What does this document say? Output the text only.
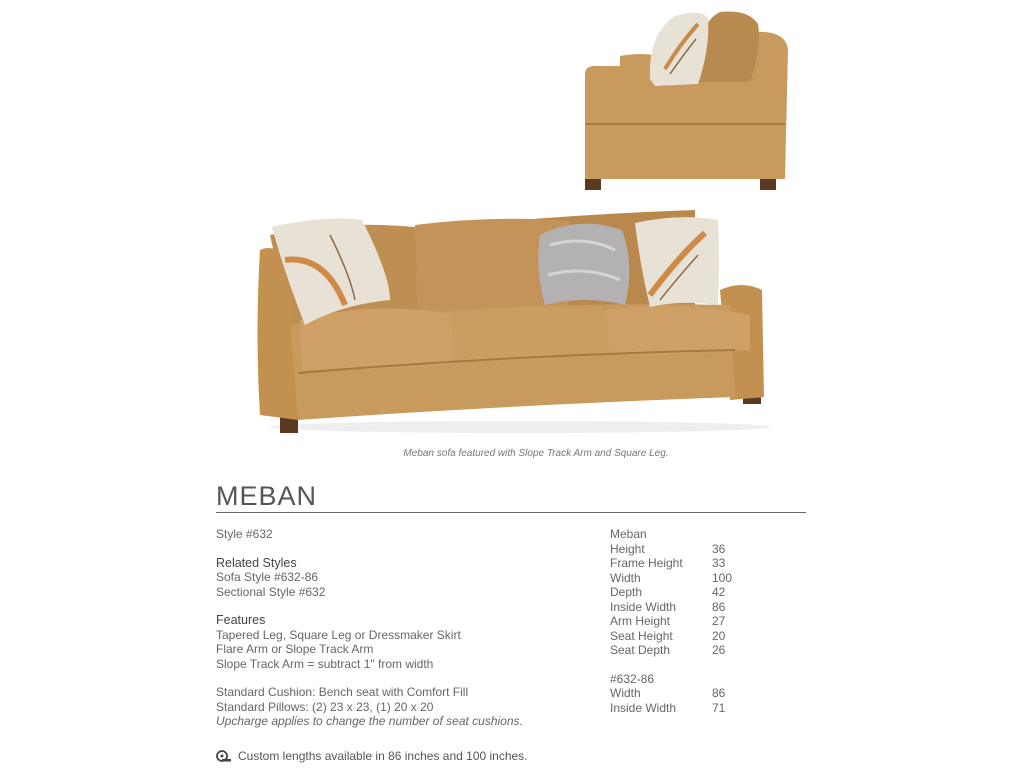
Meban sofa featured with Slope Track Arm and Square Leg.
MEBAN
Style #632
Related Styles
Sofa Style #632-86
Sectional Style #632
Features
Tapered Leg, Square Leg or Dressmaker Skirt
Flare Arm or Slope Track Arm
Slope Track Arm = subtract 1" from width
Standard Cushion: Bench seat with Comfort Fill
Standard Pillows: (2) 23 x 23, (1) 20 x 20
Upcharge applies to change the number of seat cushions.
Meban
Height	36
Frame Height	33
Width	100
Depth	42
Inside Width	86
Arm Height	27
Seat Height	20
Seat Depth	26
#632-86
Width	86
Inside Width	71
Custom lengths available in 86 inches and 100 inches.
